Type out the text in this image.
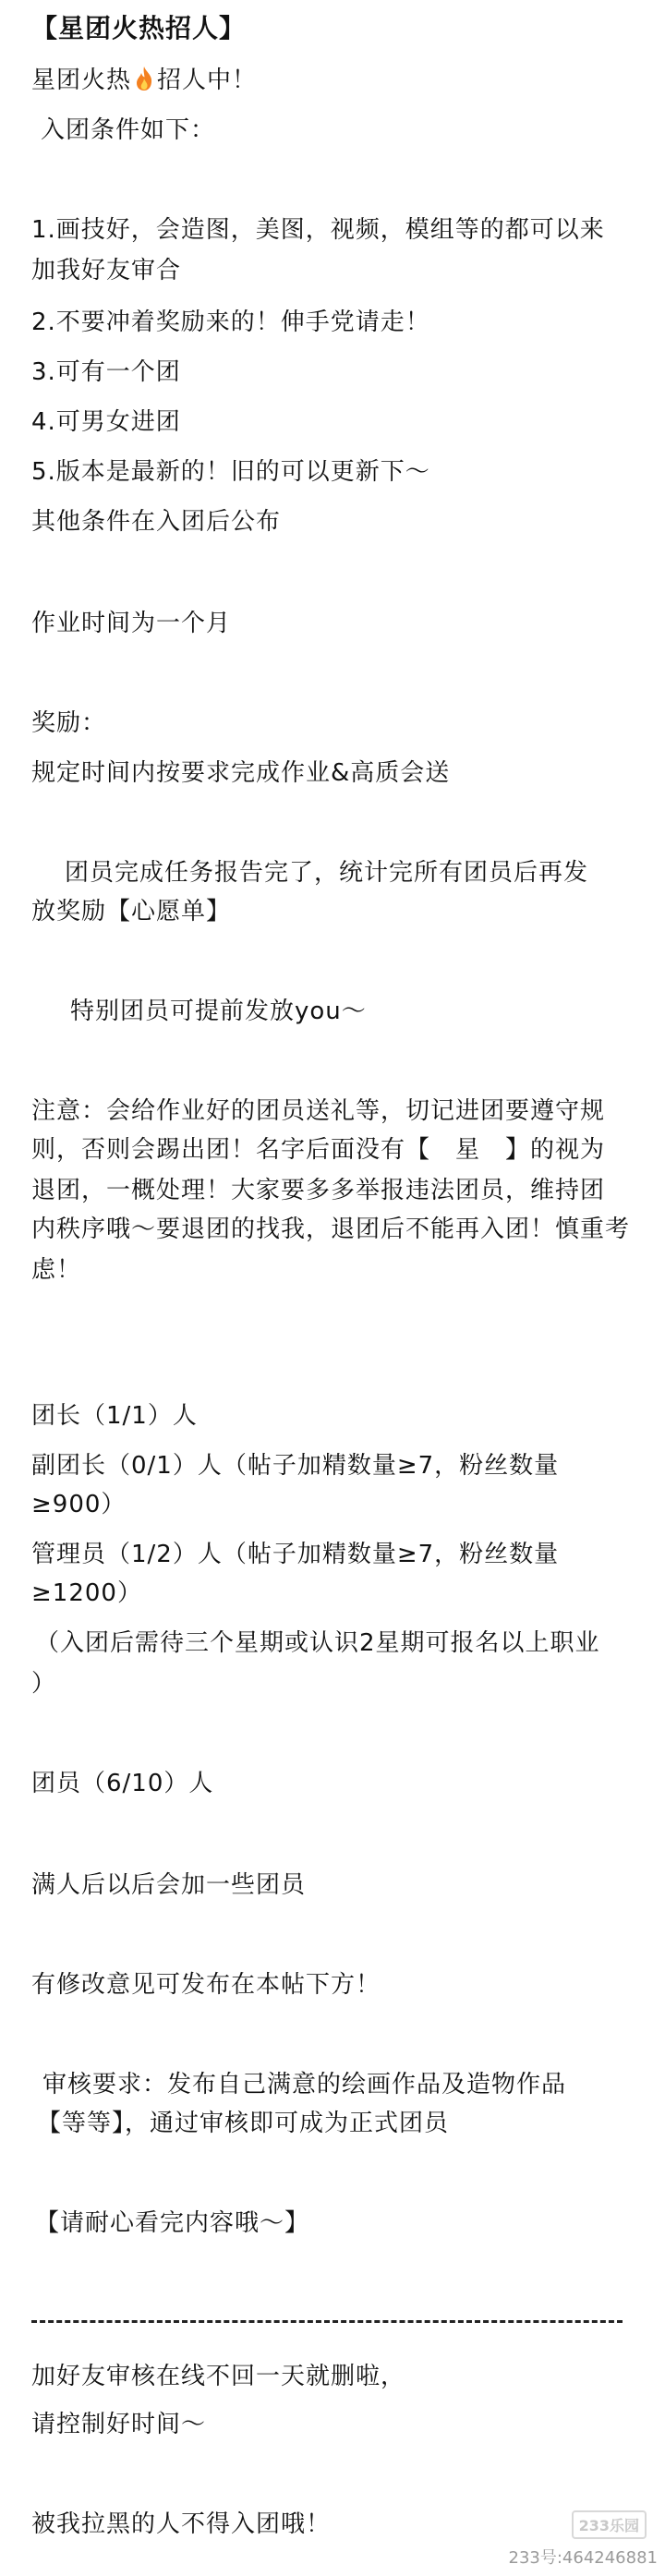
【星团火热招人】
星团火热 招人中！
入团条件如下：
1.画技好，会造图，美图，视频，模组等的都可以来
加我好友审合
2.不要冲着奖励来的！伸手党请走！
3.可有一个团
4.可男女进团
5.版本是最新的！旧的可以更新下～
其他条件在入团后公布
作业时间为一个月
奖励：
规定时间内按要求完成作业&高质会送
团员完成任务报告完了，统计完所有团员后再发
放奖励【心愿单】
特别团员可提前发放you～
注意：会给作业好的团员送礼等，切记进团要遵守规
则，否则会踢出团！名字后面没有【　星　】的视为
退团，一概处理！大家要多多举报违法团员，维持团
内秩序哦～要退团的找我，退团后不能再入团！慎重考
虑！
团长（1/1）人
副团长（0/1）人（帖子加精数量≥7，粉丝数量
≥900）
管理员（1/2）人（帖子加精数量≥7，粉丝数量
≥1200）
（入团后需待三个星期或认识2星期可报名以上职业
）
团员（6/10）人
满人后以后会加一些团员
有修改意见可发布在本帖下方！
审核要求：发布自己满意的绘画作品及造物作品
【等等】，通过审核即可成为正式团员
【请耐心看完内容哦～】
加好友审核在线不回一天就删啦，
请控制好时间～
被我拉黑的人不得入团哦！	233乐园
233号:464246881
